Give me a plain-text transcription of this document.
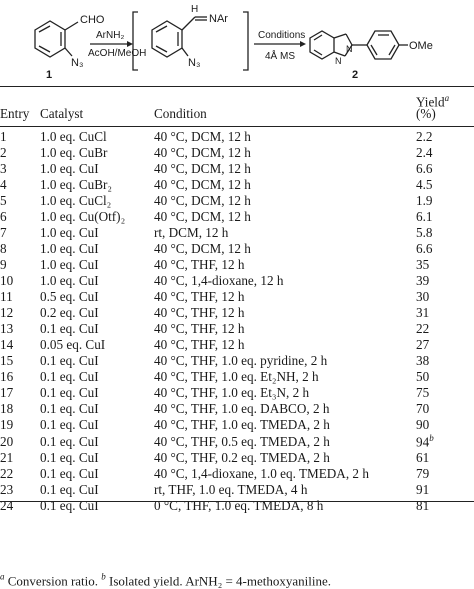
CHO
N₃
1
ArNH₂
AcOH/MeOH
H
NAr
N₃
Conditions
4Å MS
N
N
OMe
2
Entry Catalyst	Condition
Yield$^a$
(%)
1	1.0 eq. CuCl	40 °C, DCM, 12 h	2.2
2	1.0 eq. CuBr	40 °C, DCM, 12 h	2.4
3	1.0 eq. CuI	40 °C, DCM, 12 h	6.6
4	1.0 eq. CuBr₂	40 °C, DCM, 12 h	4.5
5	1.0 eq. CuCl₂	40 °C, DCM, 12 h	1.9
6	1.0 eq. Cu(Otf)₂	40 °C, DCM, 12 h	6.1
7	1.0 eq. CuI	rt, DCM, 12 h	5.8
8	1.0 eq. CuI	40 °C, DCM, 12 h	6.6
9	1.0 eq. CuI	40 °C, THF, 12 h	35
10	1.0 eq. CuI	40 °C, 1,4-dioxane, 12 h	39
11	0.5 eq. CuI	40 °C, THF, 12 h	30
12	0.2 eq. CuI	40 °C, THF, 12 h	31
13	0.1 eq. CuI	40 °C, THF, 12 h	22
14	0.05 eq. CuI	40 °C, THF, 12 h	27
15	0.1 eq. CuI	40 °C, THF, 1.0 eq. pyridine, 2 h	38
16	0.1 eq. CuI	40 °C, THF, 1.0 eq. Et₂NH, 2 h	50
17	0.1 eq. CuI	40 °C, THF, 1.0 eq. Et₃N, 2 h	75
18	0.1 eq. CuI	40 °C, THF, 1.0 eq. DABCO, 2 h	70
19	0.1 eq. CuI	40 °C, THF, 1.0 eq. TMEDA, 2 h	90
20	0.1 eq. CuI	40 °C, THF, 0.5 eq. TMEDA, 2 h	94$^b$
21	0.1 eq. CuI	40 °C, THF, 0.2 eq. TMEDA, 2 h	61
22	0.1 eq. CuI	40 °C, 1,4-dioxane, 1.0 eq. TMEDA, 2 h	79
23	0.1 eq. CuI	rt, THF, 1.0 eq. TMEDA, 4 h	91
24	0.1 eq. CuI	0 °C, THF, 1.0 eq. TMEDA, 8 h	81
$^a$ Conversion ratio. $^b$ Isolated yield. ArNH₂ = 4-methoxyaniline.
